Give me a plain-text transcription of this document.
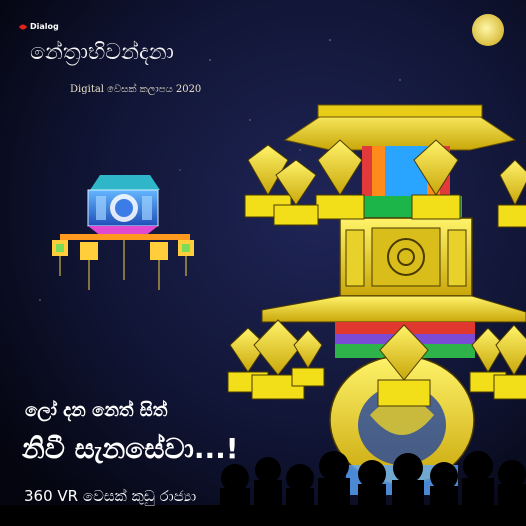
Dialog

නේත්‍රාභිවන්දනා

Digital වෙසක් කලාපය 2020

ලෝ දන නෙත් සිත්

නිවී සැනසේවා...!

360 VR වෙසක් කුඩු රාජ්‍යා
